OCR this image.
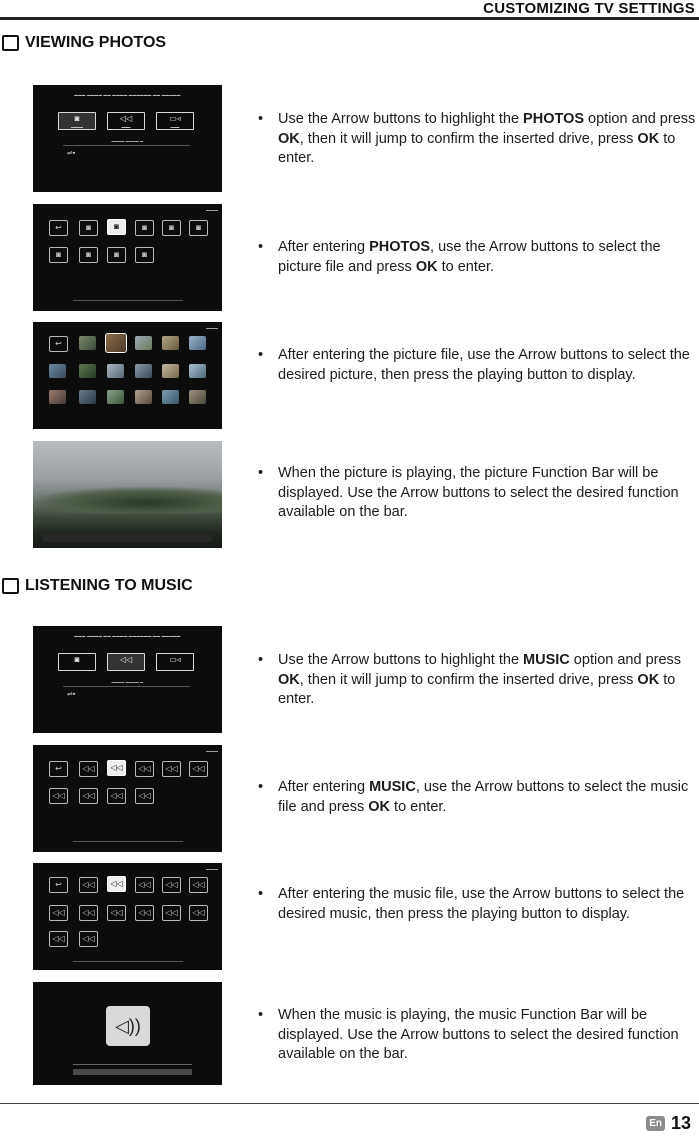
CUSTOMIZING TV SETTINGS
VIEWING PHOTOS
▬▬▬ ▬▬▬▬ ▬▬ ▬▬▬▬ ▬▬▬▬▬▬ ▬▬ ▬▬▬▬▬
◙
▬▬▬▬
◁◁
▬▬▬
▭◃
▬▬▬
▬▬▬▬ ▬▬▬▬ ▬
⇌▪
▬▬▬▬
↩	◙	◙	◙	◙	◙
◙	◙	◙	◙
▬▬▬▬
↩
• Use the Arrow buttons to highlight the PHOTOS option and press OK, then it will jump to confirm the inserted drive, press OK to enter.
• After entering PHOTOS, use the Arrow buttons to select the picture file and press OK to enter.
• After entering the picture file, use the Arrow buttons to select the desired picture, then press the playing button to display.
• When the picture is playing, the picture Function Bar will be displayed. Use the Arrow buttons to select the desired function available on the bar.
LISTENING TO MUSIC
▬▬▬ ▬▬▬▬ ▬▬ ▬▬▬▬ ▬▬▬▬▬▬ ▬▬ ▬▬▬▬▬
◙	◁◁	▭◃
▬▬▬▬ ▬▬▬▬ ▬
⇌▪
▬▬▬▬
↩	◁◁	◁◁	◁◁	◁◁	◁◁
◁◁	◁◁	◁◁	◁◁
▬▬▬▬
↩	◁◁	◁◁	◁◁	◁◁	◁◁
◁◁	◁◁	◁◁	◁◁	◁◁	◁◁
◁◁	◁◁
◁))
• Use the Arrow buttons to highlight the MUSIC option and press OK, then it will jump to confirm the inserted drive, press OK to enter.
• After entering MUSIC, use the Arrow buttons to select the music file and press OK to enter.
• After entering the music file, use the Arrow buttons to select the desired music, then press the playing button to display.
• When the music is playing, the music Function Bar will be displayed. Use the Arrow buttons to select the desired function available on the bar.
En 13
